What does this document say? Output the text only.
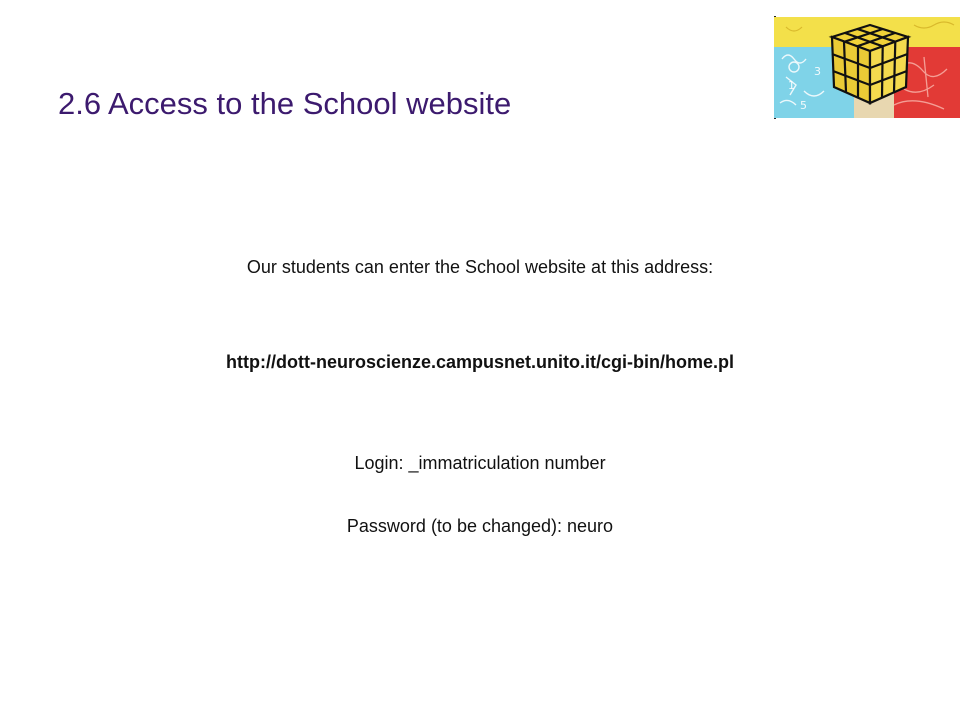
2.6 Access to the School website
1
5
3

Our students can enter the School website at this address:

http://dott-neuroscienze.campusnet.unito.it/cgi-bin/home.pl

Login: _immatriculation number

Password (to be changed): neuro
